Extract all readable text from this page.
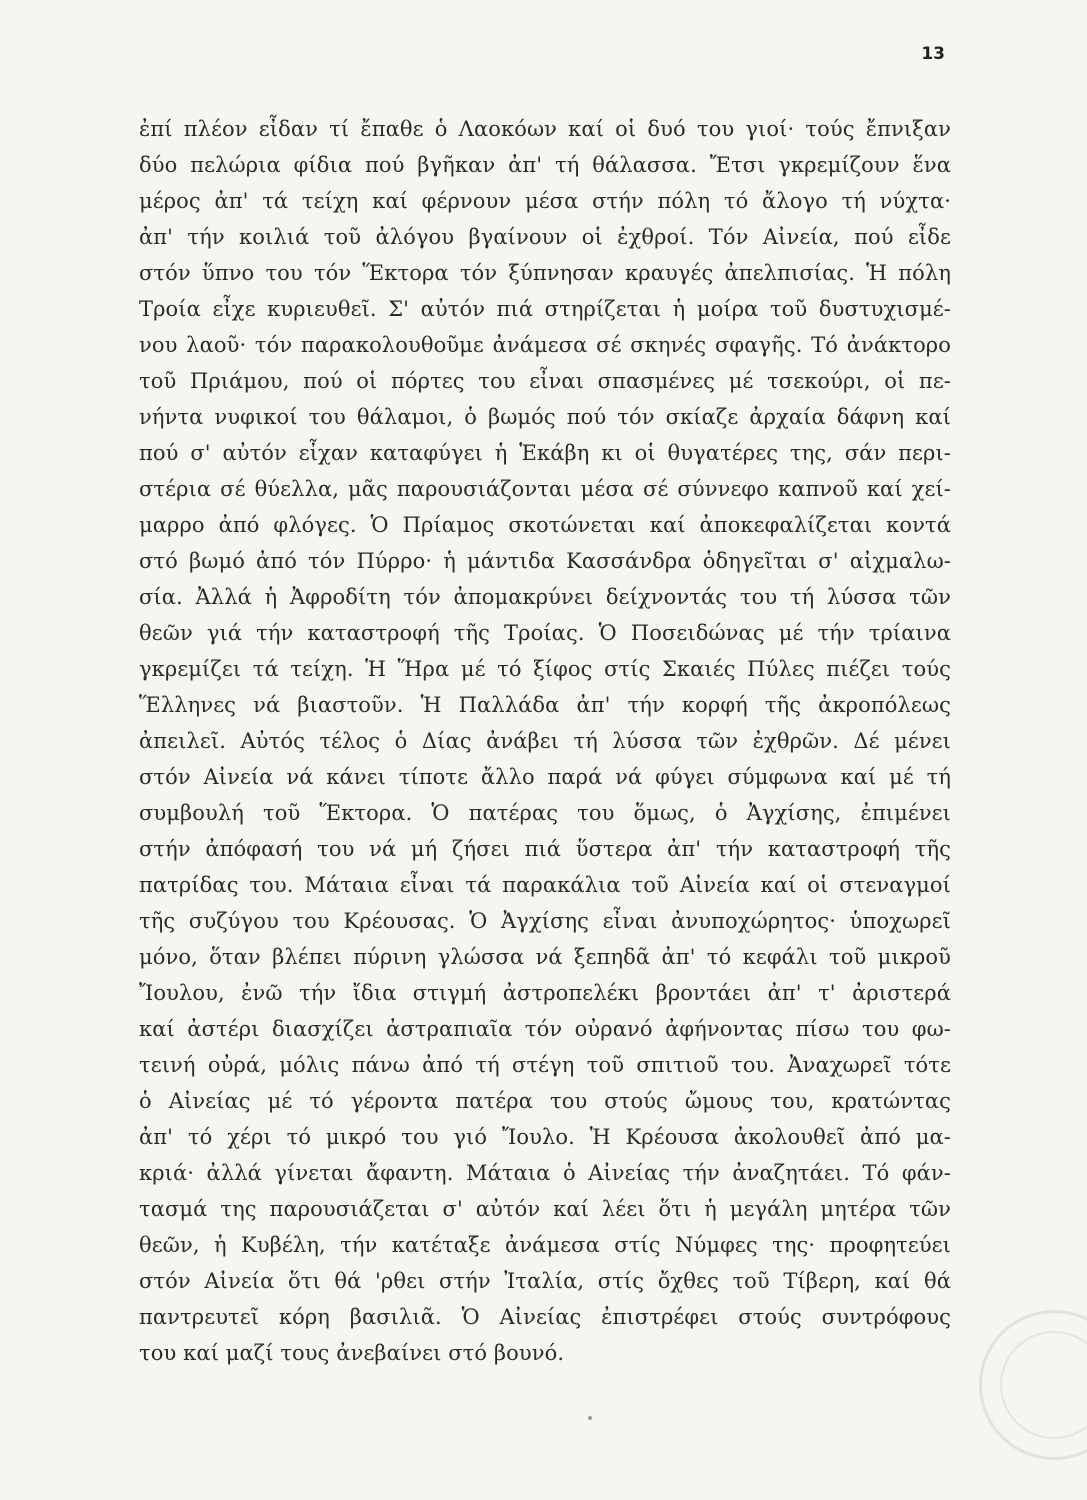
13
ἐπί πλέον εἶδαν τί ἔπαθε ὁ Λαοκόων καί οἱ δυό του γιοί· τούς ἔπνιξαν
δύο πελώρια φίδια πού βγῆκαν ἀπ' τή θάλασσα. Ἔτσι γκρεμίζουν ἕνα
μέρος ἀπ' τά τείχη καί φέρνουν μέσα στήν πόλη τό ἄλογο τή νύχτα·
ἀπ' τήν κοιλιά τοῦ ἀλόγου βγαίνουν οἱ ἐχθροί. Τόν Αἰνεία, πού εἶδε
στόν ὕπνο του τόν Ἕκτορα τόν ξύπνησαν κραυγές ἀπελπισίας. Ἡ πόλη
Τροία εἶχε κυριευθεῖ. Σ' αὐτόν πιά στηρίζεται ἡ μοίρα τοῦ δυστυχισμέ-
νου λαοῦ· τόν παρακολουθοῦμε ἀνάμεσα σέ σκηνές σφαγῆς. Τό ἀνάκτορο
τοῦ Πριάμου, πού οἱ πόρτες του εἶναι σπασμένες μέ τσεκούρι, οἱ πε-
νήντα νυφικοί του θάλαμοι, ὁ βωμός πού τόν σκίαζε ἀρχαία δάφνη καί
πού σ' αὐτόν εἶχαν καταφύγει ἡ Ἑκάβη κι οἱ θυγατέρες της, σάν περι-
στέρια σέ θύελλα, μᾶς παρουσιάζονται μέσα σέ σύννεφο καπνοῦ καί χεί-
μαρρο ἀπό φλόγες. Ὁ Πρίαμος σκοτώνεται καί ἀποκεφαλίζεται κοντά
στό βωμό ἀπό τόν Πύρρο· ἡ μάντιδα Κασσάνδρα ὁδηγεῖται σ' αἰχμαλω-
σία. Ἀλλά ἡ Ἀφροδίτη τόν ἀπομακρύνει δείχνοντάς του τή λύσσα τῶν
θεῶν γιά τήν καταστροφή τῆς Τροίας. Ὁ Ποσειδώνας μέ τήν τρίαινα
γκρεμίζει τά τείχη. Ἡ Ἥρα μέ τό ξίφος στίς Σκαιές Πύλες πιέζει τούς
Ἕλληνες νά βιαστοῦν. Ἡ Παλλάδα ἀπ' τήν κορφή τῆς ἀκροπόλεως
ἀπειλεῖ. Αὐτός τέλος ὁ Δίας ἀνάβει τή λύσσα τῶν ἐχθρῶν. Δέ μένει
στόν Αἰνεία νά κάνει τίποτε ἄλλο παρά νά φύγει σύμφωνα καί μέ τή
συμβουλή τοῦ Ἕκτορα. Ὁ πατέρας του ὅμως, ὁ Ἀγχίσης, ἐπιμένει
στήν ἀπόφασή του νά μή ζήσει πιά ὕστερα ἀπ' τήν καταστροφή τῆς
πατρίδας του. Μάταια εἶναι τά παρακάλια τοῦ Αἰνεία καί οἱ στεναγμοί
τῆς συζύγου του Κρέουσας. Ὁ Ἀγχίσης εἶναι ἀνυποχώρητος· ὑποχωρεῖ
μόνο, ὅταν βλέπει πύρινη γλώσσα νά ξεπηδᾶ ἀπ' τό κεφάλι τοῦ μικροῦ
Ἴουλου, ἐνῶ τήν ἴδια στιγμή ἀστροπελέκι βροντάει ἀπ' τ' ἀριστερά
καί ἀστέρι διασχίζει ἀστραπιαῖα τόν οὐρανό ἀφήνοντας πίσω του φω-
τεινή οὐρά, μόλις πάνω ἀπό τή στέγη τοῦ σπιτιοῦ του. Ἀναχωρεῖ τότε
ὁ Αἰνείας μέ τό γέροντα πατέρα του στούς ὤμους του, κρατώντας
ἀπ' τό χέρι τό μικρό του γιό Ἴουλο. Ἡ Κρέουσα ἀκολουθεῖ ἀπό μα-
κριά· ἀλλά γίνεται ἄφαντη. Μάταια ὁ Αἰνείας τήν ἀναζητάει. Τό φάν-
τασμά της παρουσιάζεται σ' αὐτόν καί λέει ὅτι ἡ μεγάλη μητέρα τῶν
θεῶν, ἡ Κυβέλη, τήν κατέταξε ἀνάμεσα στίς Νύμφες της· προφητεύει
στόν Αἰνεία ὅτι θά 'ρθει στήν Ἰταλία, στίς ὄχθες τοῦ Τίβερη, καί θά
παντρευτεῖ κόρη βασιλιᾶ. Ὁ Αἰνείας ἐπιστρέφει στούς συντρόφους
του καί μαζί τους ἀνεβαίνει στό βουνό.
